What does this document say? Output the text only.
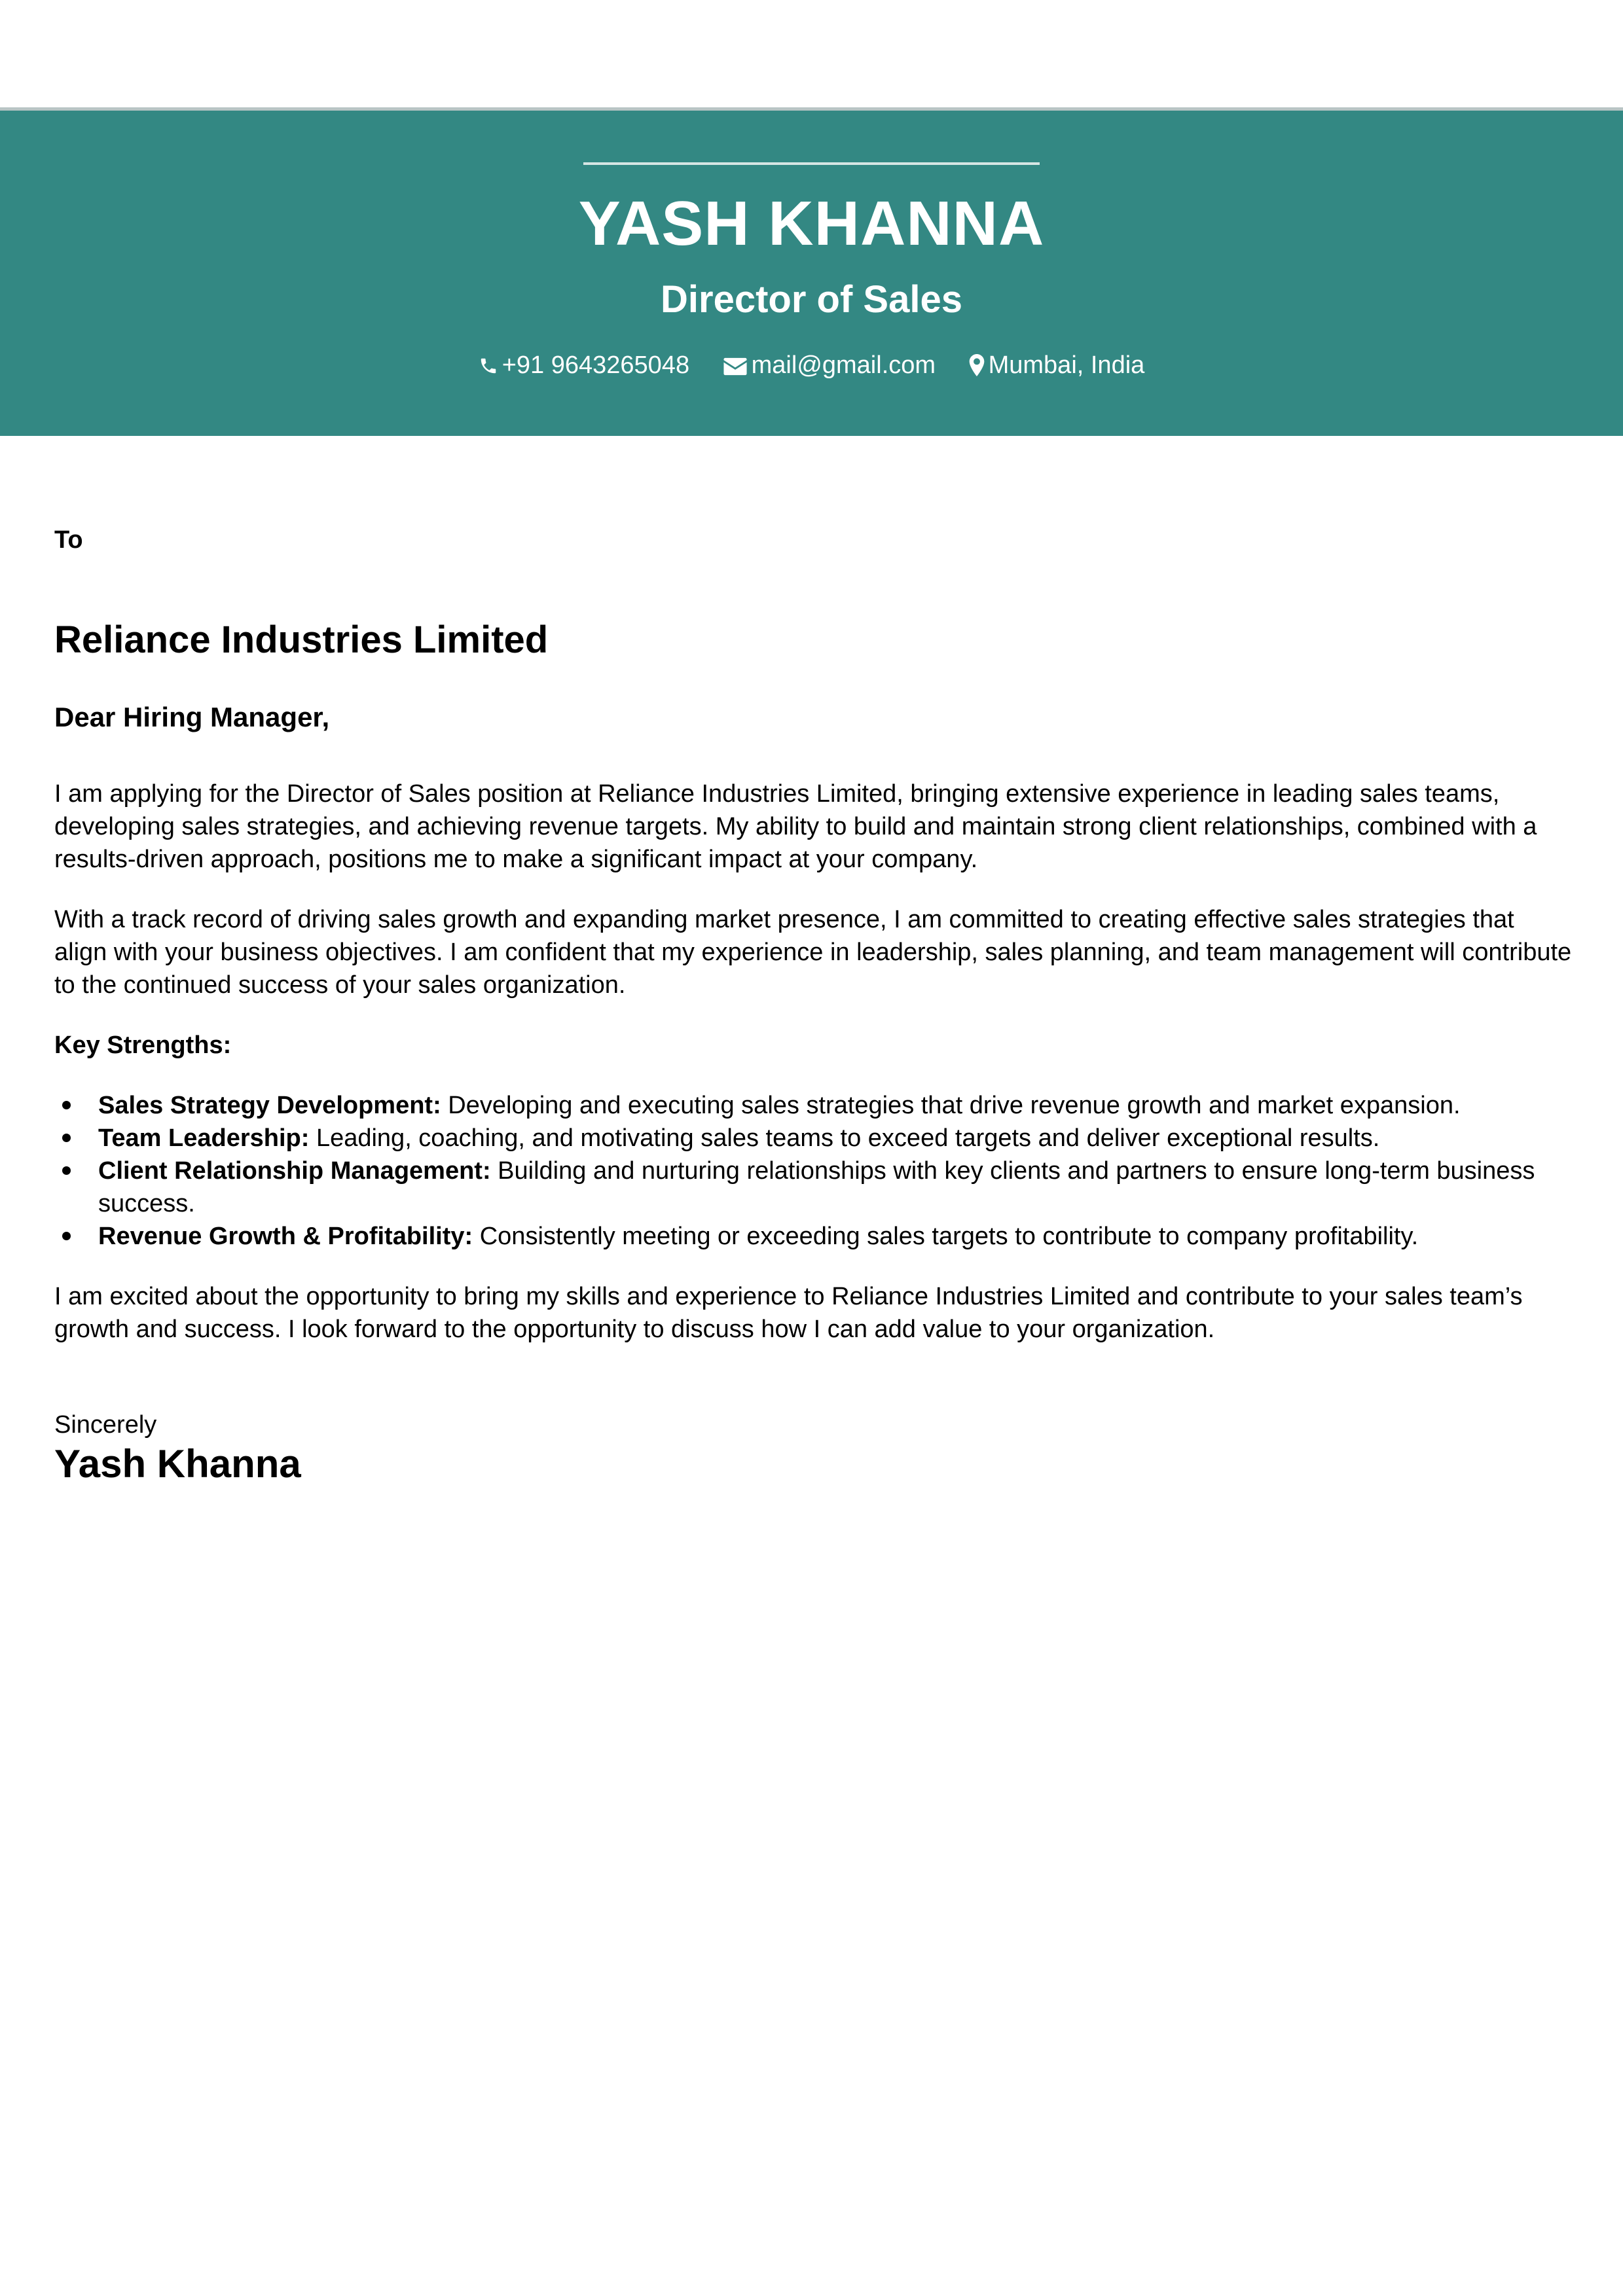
YASH KHANNA
Director of Sales
+91 9643265048 mail@gmail.com Mumbai, India
To
Reliance Industries Limited
Dear Hiring Manager,

I am applying for the Director of Sales position at Reliance Industries Limited, bringing extensive experience in leading sales teams, developing sales strategies, and achieving revenue targets. My ability to build and maintain strong client relationships, combined with a results-driven approach, positions me to make a significant impact at your company.

With a track record of driving sales growth and expanding market presence, I am committed to creating effective sales strategies that align with your business objectives. I am confident that my experience in leadership, sales planning, and team management will contribute to the continued success of your sales organization.

Key Strengths:
Sales Strategy Development: Developing and executing sales strategies that drive revenue growth and market expansion.
Team Leadership: Leading, coaching, and motivating sales teams to exceed targets and deliver exceptional results.
Client Relationship Management: Building and nurturing relationships with key clients and partners to ensure long-term business success.
Revenue Growth & Profitability: Consistently meeting or exceeding sales targets to contribute to company profitability.

I am excited about the opportunity to bring my skills and experience to Reliance Industries Limited and contribute to your sales team’s growth and success. I look forward to the opportunity to discuss how I can add value to your organization.

Sincerely
Yash Khanna
